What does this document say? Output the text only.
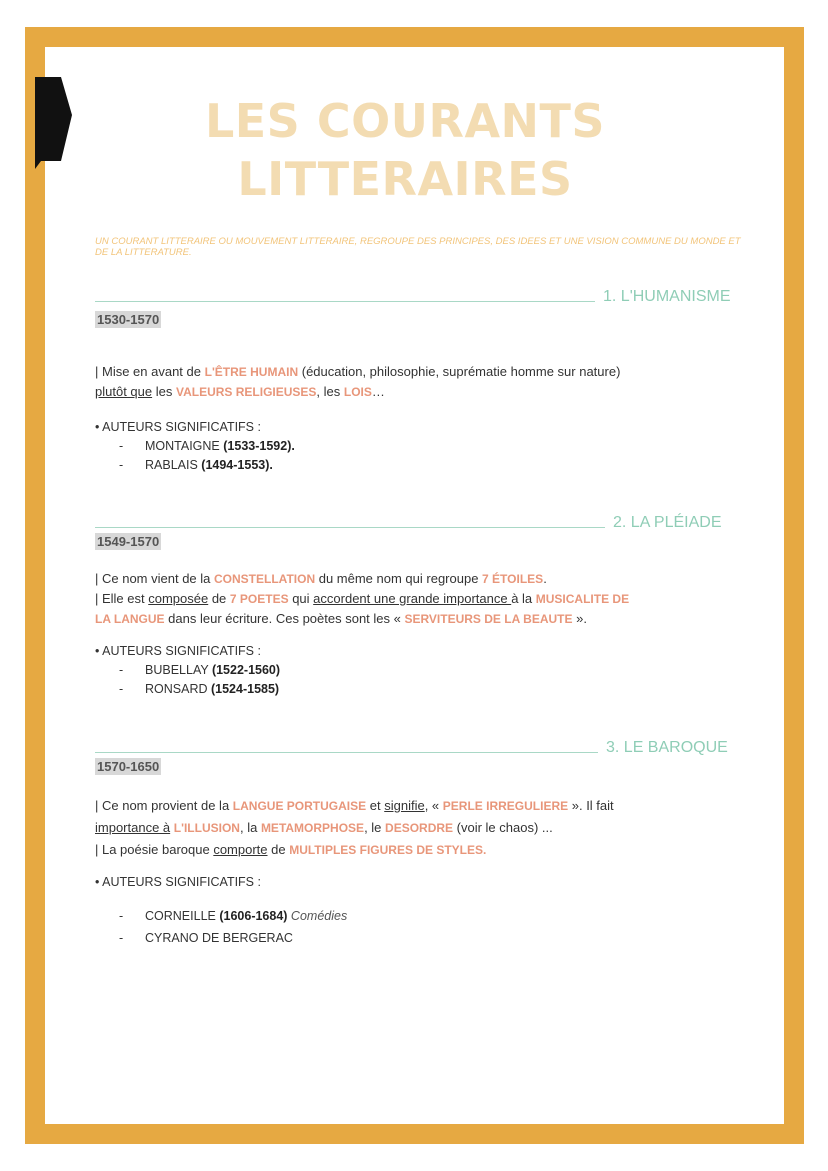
LES COURANTS LITTERAIRES
UN COURANT LITTERAIRE OU MOUVEMENT LITTERAIRE, REGROUPE DES PRINCIPES, DES IDEES ET UNE VISION COMMUNE DU MONDE ET DE LA LITTERATURE.
1. L'HUMANISME
1530-1570
| Mise en avant de L'ÊTRE HUMAIN (éducation, philosophie, suprématie homme sur nature)
plutôt que les VALEURS RELIGIEUSES, les LOIS…
• AUTEURS SIGNIFICATIFS :
- MONTAIGNE (1533-1592).
- RABLAIS (1494-1553).
2. LA PLÉIADE
1549-1570
| Ce nom vient de la CONSTELLATION du même nom qui regroupe 7 ÉTOILES.
| Elle est composée de 7 POETES qui accordent une grande importance à la MUSICALITE DE
LA LANGUE dans leur écriture. Ces poètes sont les « SERVITEURS DE LA BEAUTE ».
• AUTEURS SIGNIFICATIFS :
- BUBELLAY (1522-1560)
- RONSARD (1524-1585)
3. LE BAROQUE
1570-1650
| Ce nom provient de la LANGUE PORTUGAISE et signifie, « PERLE IRREGULIERE ». Il fait
importance à L'ILLUSION, la METAMORPHOSE, le DESORDRE (voir le chaos) ...
| La poésie baroque comporte de MULTIPLES FIGURES DE STYLES.
• AUTEURS SIGNIFICATIFS :
- CORNEILLE (1606-1684) Comédies
- CYRANO DE BERGERAC
